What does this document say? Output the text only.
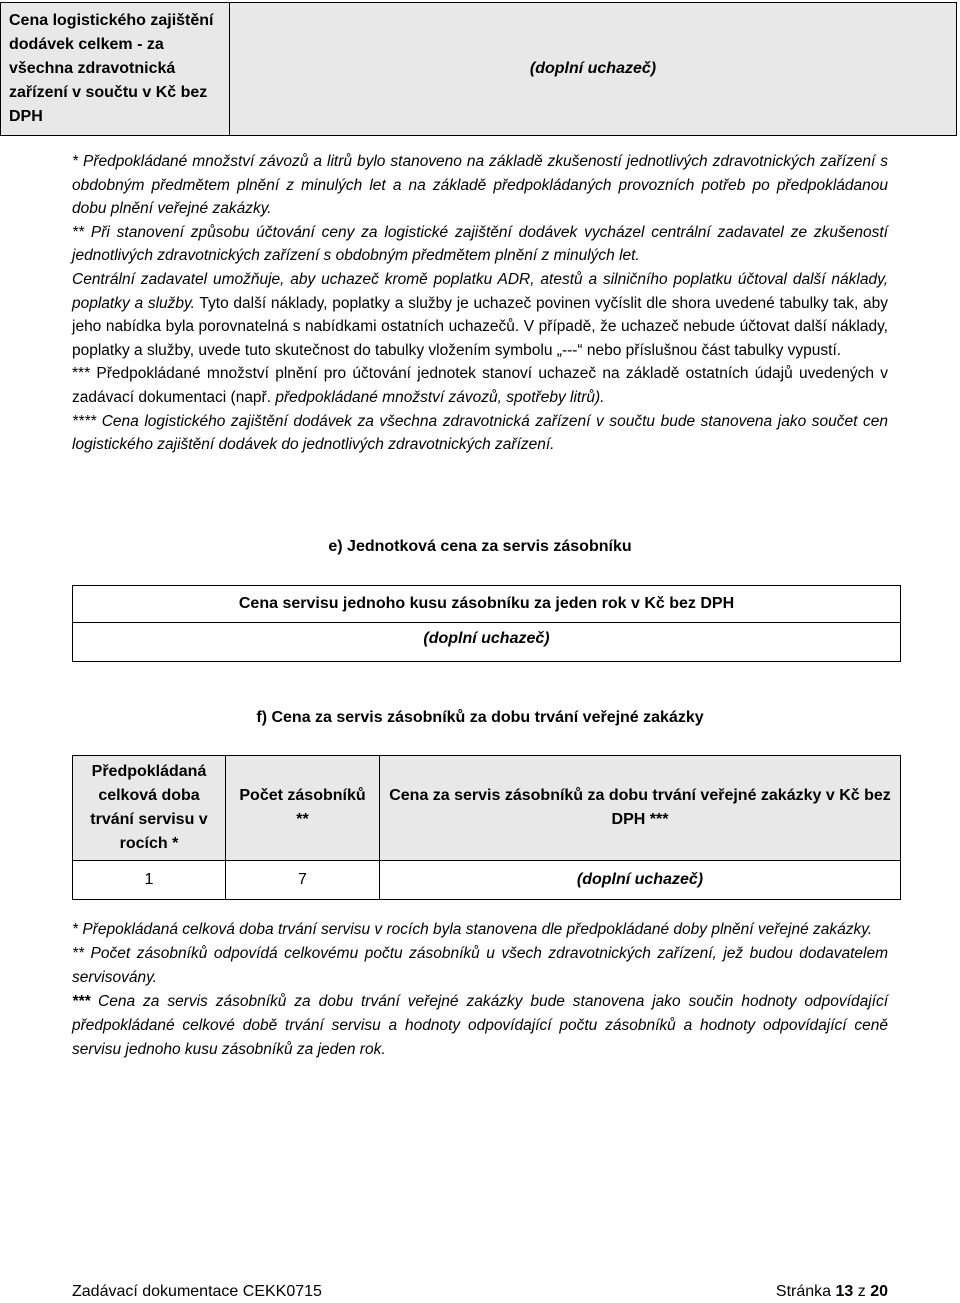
Cena logistického zajištění dodávek celkem - za všechna zdravotnická zařízení v součtu v Kč bez DPH	(doplní uchazeč)

* Předpokládané množství závozů a litrů bylo stanoveno na základě zkušeností jednotlivých zdravotnických zařízení s obdobným předmětem plnění z minulých let a na základě předpokládaných provozních potřeb po předpokládanou dobu plnění veřejné zakázky.

** Při stanovení způsobu účtování ceny za logistické zajištění dodávek vycházel centrální zadavatel ze zkušeností jednotlivých zdravotnických zařízení s obdobným předmětem plnění z minulých let.

Centrální zadavatel umožňuje, aby uchazeč kromě poplatku ADR, atestů a silničního poplatku účtoval další náklady, poplatky a služby. Tyto další náklady, poplatky a služby je uchazeč povinen vyčíslit dle shora uvedené tabulky tak, aby jeho nabídka byla porovnatelná s nabídkami ostatních uchazečů. V případě, že uchazeč nebude účtovat další náklady, poplatky a služby, uvede tuto skutečnost do tabulky vložením symbolu „---“ nebo příslušnou část tabulky vypustí.

*** Předpokládané množství plnění pro účtování jednotek stanoví uchazeč na základě ostatních údajů uvedených v zadávací dokumentaci (např. předpokládané množství závozů, spotřeby litrů).

**** Cena logistického zajištění dodávek za všechna zdravotnická zařízení v součtu bude stanovena jako součet cen logistického zajištění dodávek do jednotlivých zdravotnických zařízení.

e) Jednotková cena za servis zásobníku
Cena servisu jednoho kusu zásobníku za jeden rok v Kč bez DPH
(doplní uchazeč)
f) Cena za servis zásobníků za dobu trvání veřejné zakázky
Předpokládaná celková doba trvání servisu v rocích *	Počet zásobníků **	Cena za servis zásobníků za dobu trvání veřejné zakázky v Kč bez DPH ***
1	7	(doplní uchazeč)

* Přepokládaná celková doba trvání servisu v rocích byla stanovena dle předpokládané doby plnění veřejné zakázky.

** Počet zásobníků odpovídá celkovému počtu zásobníků u všech zdravotnických zařízení, jež budou dodavatelem servisovány.

*** Cena za servis zásobníků za dobu trvání veřejné zakázky bude stanovena jako součin hodnoty odpovídající předpokládané celkové době trvání servisu a hodnoty odpovídající počtu zásobníků a hodnoty odpovídající ceně servisu jednoho kusu zásobníků za jeden rok.

Zadávací dokumentace CEKK0715	Stránka 13 z 20
